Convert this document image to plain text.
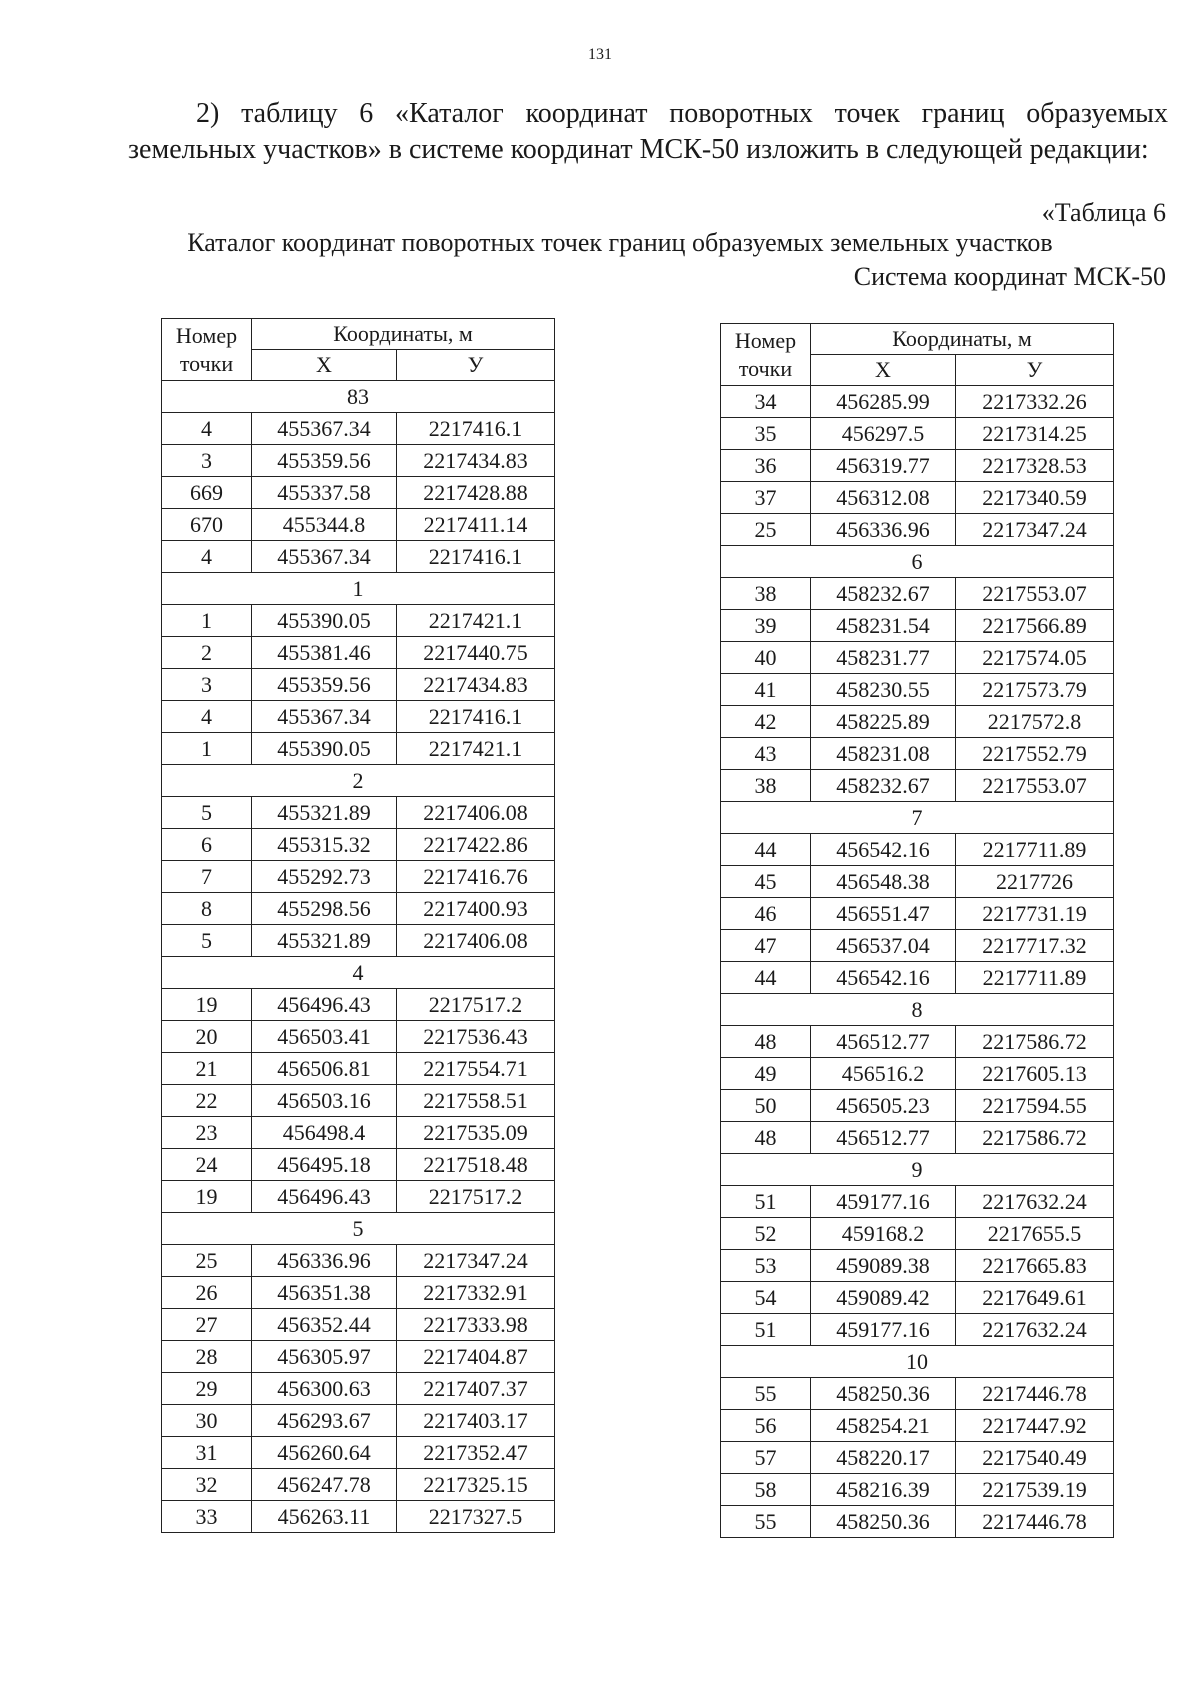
131

2) таблицу 6 «Каталог координат поворотных точек границ образуемых земельных участков» в системе координат МСК-50 изложить в следующей редакции:

«Таблица 6
Каталог координат поворотных точек границ образуемых земельных участков
Система координат МСК-50
Номер точки	Координаты, м	
	Х	У
83		
4	455367.34	2217416.1
3	455359.56	2217434.83
669	455337.58	2217428.88
670	455344.8	2217411.14
4	455367.34	2217416.1
1		
1	455390.05	2217421.1
2	455381.46	2217440.75
3	455359.56	2217434.83
4	455367.34	2217416.1
1	455390.05	2217421.1
2		
5	455321.89	2217406.08
6	455315.32	2217422.86
7	455292.73	2217416.76
8	455298.56	2217400.93
5	455321.89	2217406.08
4		
19	456496.43	2217517.2
20	456503.41	2217536.43
21	456506.81	2217554.71
22	456503.16	2217558.51
23	456498.4	2217535.09
24	456495.18	2217518.48
19	456496.43	2217517.2
5		
25	456336.96	2217347.24
26	456351.38	2217332.91
27	456352.44	2217333.98
28	456305.97	2217404.87
29	456300.63	2217407.37
30	456293.67	2217403.17
31	456260.64	2217352.47
32	456247.78	2217325.15
33	456263.11	2217327.5
Номер точки	Координаты, м	
	Х	У
34	456285.99	2217332.26
35	456297.5	2217314.25
36	456319.77	2217328.53
37	456312.08	2217340.59
25	456336.96	2217347.24
6		
38	458232.67	2217553.07
39	458231.54	2217566.89
40	458231.77	2217574.05
41	458230.55	2217573.79
42	458225.89	2217572.8
43	458231.08	2217552.79
38	458232.67	2217553.07
7		
44	456542.16	2217711.89
45	456548.38	2217726
46	456551.47	2217731.19
47	456537.04	2217717.32
44	456542.16	2217711.89
8		
48	456512.77	2217586.72
49	456516.2	2217605.13
50	456505.23	2217594.55
48	456512.77	2217586.72
9		
51	459177.16	2217632.24
52	459168.2	2217655.5
53	459089.38	2217665.83
54	459089.42	2217649.61
51	459177.16	2217632.24
10		
55	458250.36	2217446.78
56	458254.21	2217447.92
57	458220.17	2217540.49
58	458216.39	2217539.19
55	458250.36	2217446.78
